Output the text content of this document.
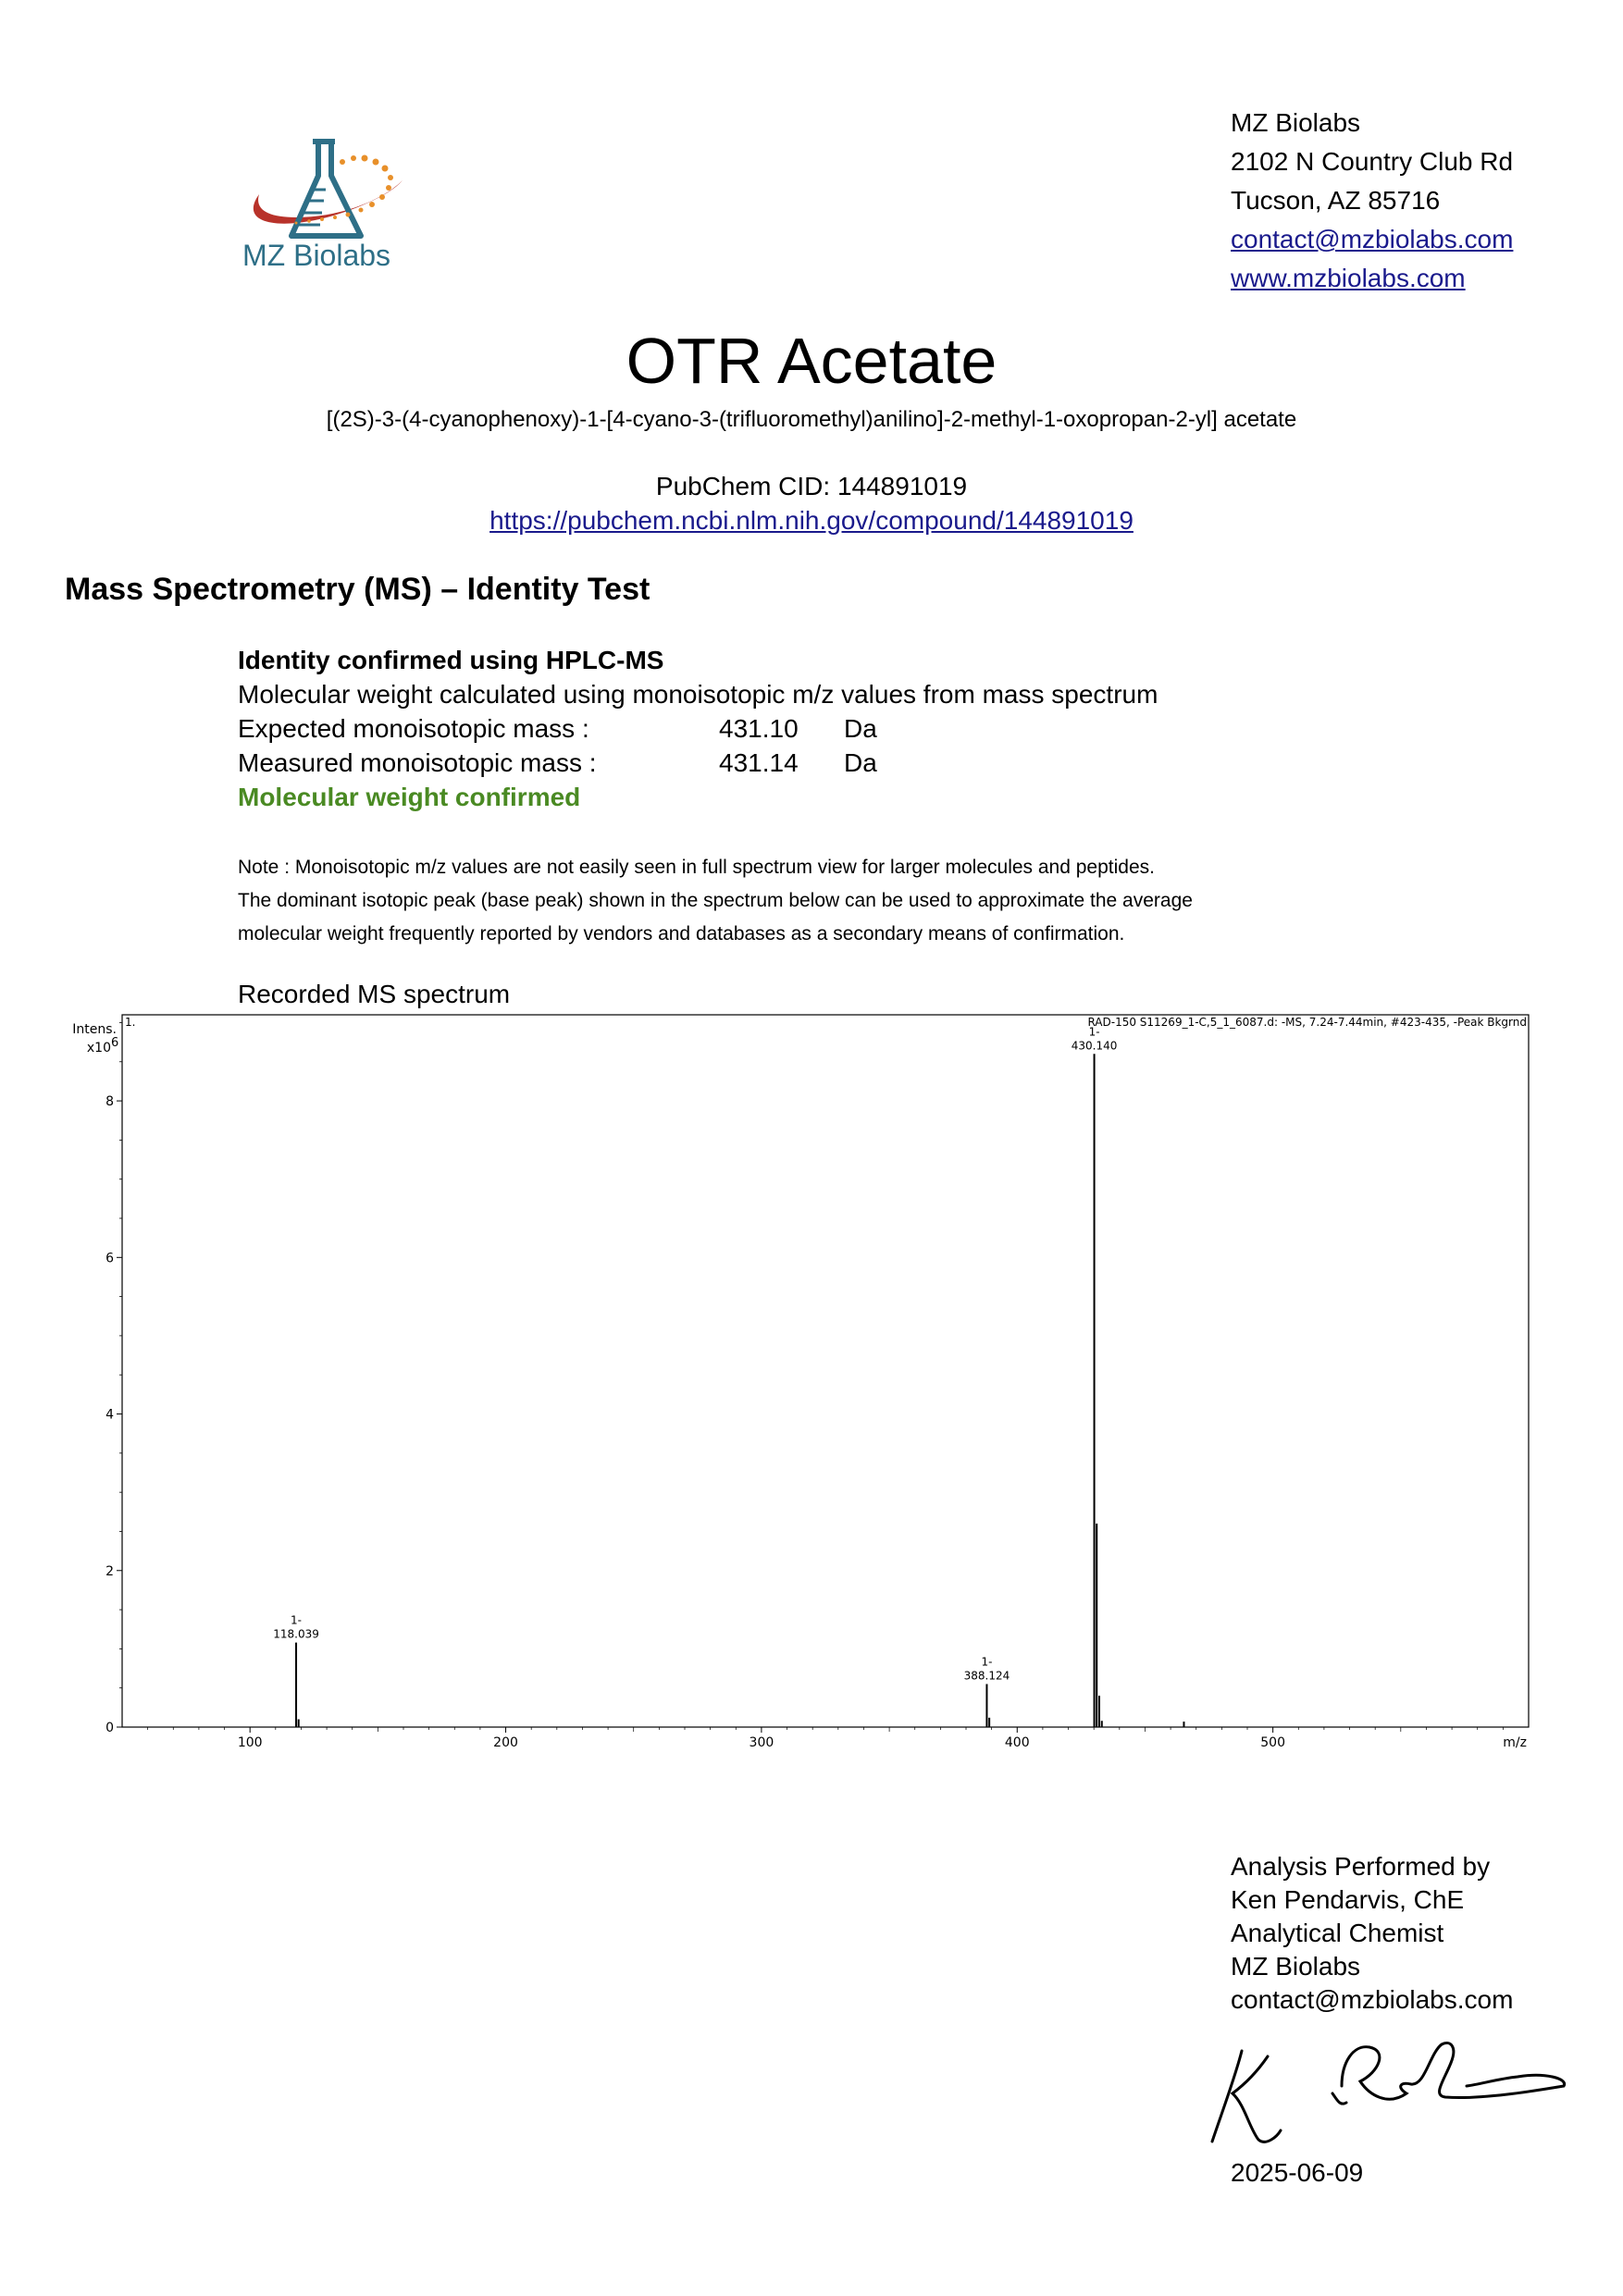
MZ Biolabs
MZ Biolabs
2102 N Country Club Rd
Tucson, AZ 85716
contact@mzbiolabs.com
www.mzbiolabs.com
OTR Acetate
[(2S)-3-(4-cyanophenoxy)-1-[4-cyano-3-(trifluoromethyl)anilino]-2-methyl-1-oxopropan-2-yl] acetate
PubChem CID: 144891019
https://pubchem.ncbi.nlm.nih.gov/compound/144891019
Mass Spectrometry (MS) – Identity Test
Identity confirmed using HPLC-MS
Molecular weight calculated using monoisotopic m/z values from mass spectrum
Expected monoisotopic mass :	431.10 Da
Measured monoisotopic mass :	431.14 Da
Molecular weight confirmed
Note : Monoisotopic m/z values are not easily seen in full spectrum view for larger molecules and peptides.
The dominant isotopic peak (base peak) shown in the spectrum below can be used to approximate the average
molecular weight frequently reported by vendors and databases as a secondary means of confirmation.
Recorded MS spectrum
Intens.
x10 6
1.	RAD-150 S11269_1-C,5_1_6087.d: -MS, 7.24-7.44min, #423-435, -Peak Bkgrnd
0
2
4
6
8
100	200	300	400	500	m/z
1-
118.039
1-
388.124
1-
430.140
Analysis Performed by
Ken Pendarvis, ChE
Analytical Chemist
MZ Biolabs
contact@mzbiolabs.com
2025-06-09
